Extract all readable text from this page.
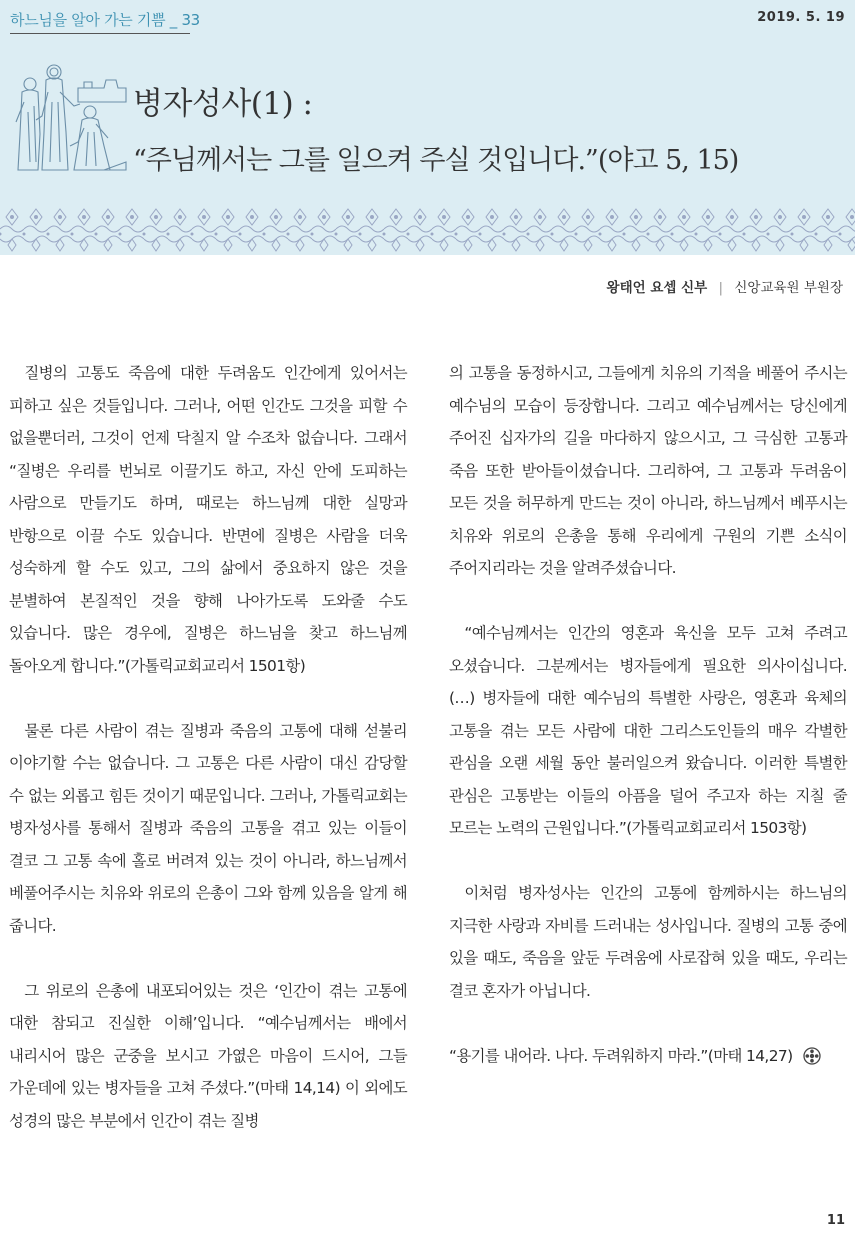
하느님을 알아 가는 기쁨 _ 33	2019. 5. 19
병자성사(1) :
“주님께서는 그를 일으켜 주실 것입니다.”(야고 5, 15)
왕태언 요셉 신부 | 신앙교육원 부원장

질병의 고통도 죽음에 대한 두려움도 인간에게 있어서는 피하고 싶은 것들입니다. 그러나, 어떤 인간도 그것을 피할 수 없을뿐더러, 그것이 언제 닥칠지 알 수조차 없습니다. 그래서 “질병은 우리를 번뇌로 이끌기도 하고, 자신 안에 도피하는 사람으로 만들기도 하며, 때로는 하느님께 대한 실망과 반항으로 이끌 수도 있습니다. 반면에 질병은 사람을 더욱 성숙하게 할 수도 있고, 그의 삶에서 중요하지 않은 것을 분별하여 본질적인 것을 향해 나아가도록 도와줄 수도 있습니다. 많은 경우에, 질병은 하느님을 찾고 하느님께 돌아오게 합니다.”(가톨릭교회교리서 1501항)

물론 다른 사람이 겪는 질병과 죽음의 고통에 대해 섣불리 이야기할 수는 없습니다. 그 고통은 다른 사람이 대신 감당할 수 없는 외롭고 힘든 것이기 때문입니다. 그러나, 가톨릭교회는 병자성사를 통해서 질병과 죽음의 고통을 겪고 있는 이들이 결코 그 고통 속에 홀로 버려져 있는 것이 아니라, 하느님께서 베풀어주시는 치유와 위로의 은총이 그와 함께 있음을 알게 해 줍니다.

그 위로의 은총에 내포되어있는 것은 ‘인간이 겪는 고통에 대한 참되고 진실한 이해’입니다. “예수님께서는 배에서 내리시어 많은 군중을 보시고 가엾은 마음이 드시어, 그들 가운데에 있는 병자들을 고쳐 주셨다.”(마태 14,14) 이 외에도 성경의 많은 부분에서 인간이 겪는 질병

의 고통을 동정하시고, 그들에게 치유의 기적을 베풀어 주시는 예수님의 모습이 등장합니다. 그리고 예수님께서는 당신에게 주어진 십자가의 길을 마다하지 않으시고, 그 극심한 고통과 죽음 또한 받아들이셨습니다. 그리하여, 그 고통과 두려움이 모든 것을 허무하게 만드는 것이 아니라, 하느님께서 베푸시는 치유와 위로의 은총을 통해 우리에게 구원의 기쁜 소식이 주어지리라는 것을 알려주셨습니다.

“예수님께서는 인간의 영혼과 육신을 모두 고쳐 주려고 오셨습니다. 그분께서는 병자들에게 필요한 의사이십니다. (…) 병자들에 대한 예수님의 특별한 사랑은, 영혼과 육체의 고통을 겪는 모든 사람에 대한 그리스도인들의 매우 각별한 관심을 오랜 세월 동안 불러일으켜 왔습니다. 이러한 특별한 관심은 고통받는 이들의 아픔을 덜어 주고자 하는 지칠 줄 모르는 노력의 근원입니다.”(가톨릭교회교리서 1503항)

이처럼 병자성사는 인간의 고통에 함께하시는 하느님의 지극한 사랑과 자비를 드러내는 성사입니다. 질병의 고통 중에 있을 때도, 죽음을 앞둔 두려움에 사로잡혀 있을 때도, 우리는 결코 혼자가 아닙니다.

“용기를 내어라. 나다. 두려워하지 마라.”(마태 14,27)

11
